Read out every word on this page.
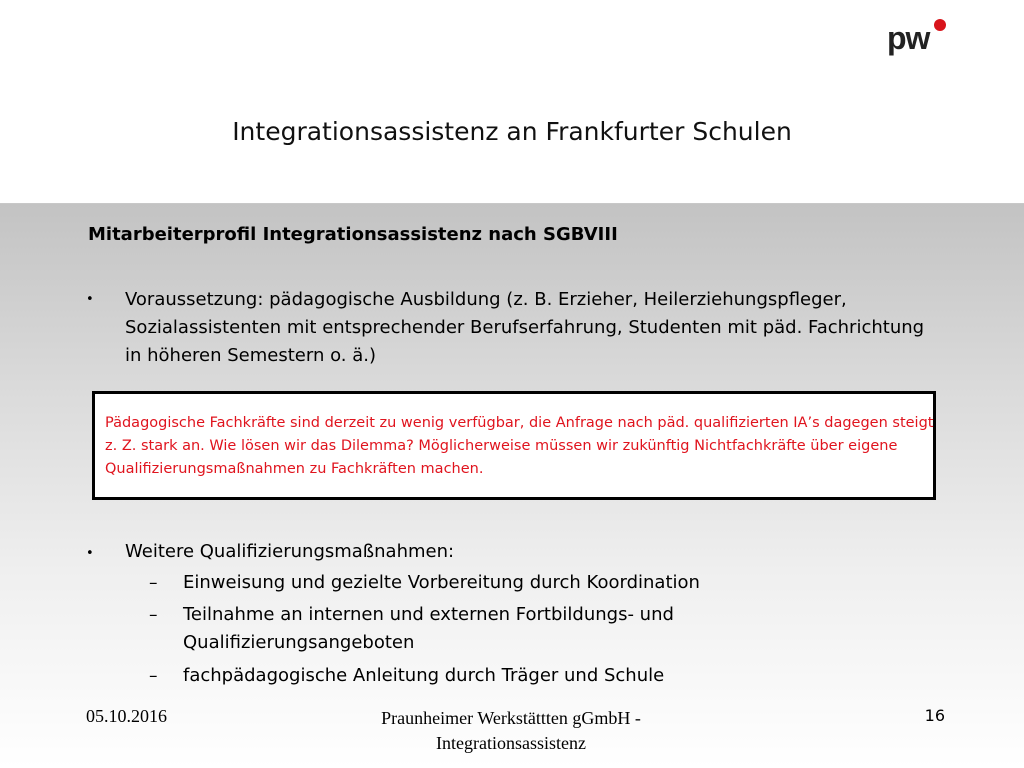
pw
Integrationsassistenz an Frankfurter Schulen
Mitarbeiterprofil Integrationsassistenz nach SGBVIII
• Voraussetzung: pädagogische Ausbildung (z. B. Erzieher, Heilerziehungspfleger, Sozialassistenten mit entsprechender Berufserfahrung, Studenten mit päd. Fachrichtung in höheren Semestern o. ä.)
Pädagogische Fachkräfte sind derzeit zu wenig verfügbar, die Anfrage nach päd. qualifizierten IA’s dagegen steigt z. Z. stark an. Wie lösen wir das Dilemma? Möglicherweise müssen wir zukünftig Nichtfachkräfte über eigene Qualifizierungsmaßnahmen zu Fachkräften machen.
• Weitere Qualifizierungsmaßnahmen:
– Einweisung und gezielte Vorbereitung durch Koordination
– Teilnahme an internen und externen Fortbildungs- und Qualifizierungsangeboten
– fachpädagogische Anleitung durch Träger und Schule
05.10.2016	Praunheimer Werkstättten gGmbH - Integrationsassistenz
16
